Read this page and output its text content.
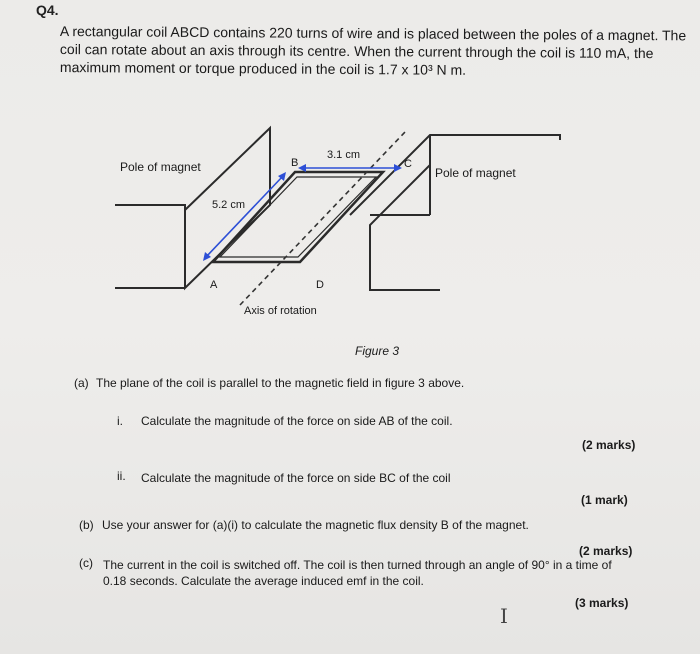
Q4.
A rectangular coil ABCD contains 220 turns of wire and is placed between the poles of a magnet. The
coil can rotate about an axis through its centre. When the current through the coil is 110 mA, the
maximum moment or torque produced in the coil is 1.7 x 10³ N m.
Pole of magnet	Pole of magnet
3.1 cm
5.2 cm
A
B	C
D
Axis of rotation
Figure 3
(a) The plane of the coil is parallel to the magnetic field in figure 3 above.
i. Calculate the magnitude of the force on side AB of the coil.
(2 marks)
ii. Calculate the magnitude of the force on side BC of the coil
(1 mark)
(b) Use your answer for (a)(i) to calculate the magnetic flux density B of the magnet.
(2 marks)
(c) The current in the coil is switched off. The coil is then turned through an angle of 90° in a time of
0.18 seconds. Calculate the average induced emf in the coil.
(3 marks)
I
